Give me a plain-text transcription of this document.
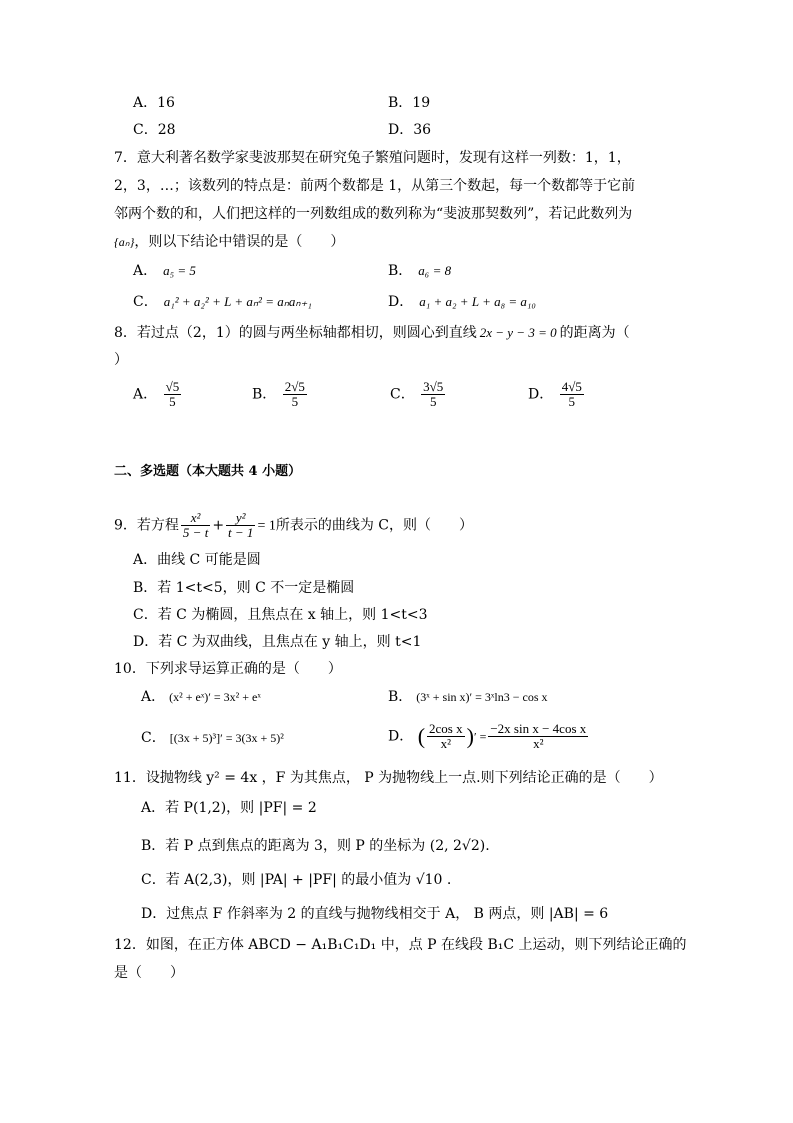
A．16	B．19
C．28	D．36
7．意大利著名数学家斐波那契在研究兔子繁殖问题时，发现有这样一列数：1，1，
2，3，…；该数列的特点是：前两个数都是 1，从第三个数起，每一个数都等于它前
邻两个数的和，人们把这样的一列数组成的数列称为“斐波那契数列”，若记此数列为
{aₙ}，则以下结论中错误的是（　　）
A． a₅ = 5	B． a₆ = 8
C． a₁² + a₂² + L + aₙ² = aₙaₙ₊₁	D． a₁ + a₂ + L + a₈ = a₁₀
8．若过点（2，1）的圆与两坐标轴都相切，则圆心到直线 2x − y − 3 = 0 的距离为（
）
A． $\frac{√5}{5}$	B． $\frac{2√5}{5}$	C． $\frac{3√5}{5}$	D． $\frac{4√5}{5}$
二、多选题（本大题共 4 小题）
9．若方程 $\frac{\text{x²}}{5 - t} + \frac{\text{y²}}{t - 1} = 1$所表示的曲线为 C，则（　　）
A．曲线 C 可能是圆
B．若 1<t<5，则 C 不一定是椭圆
C．若 C 为椭圆，且焦点在 x 轴上，则 1<t<3
D．若 C 为双曲线，且焦点在 y 轴上，则 t<1
10．下列求导运算正确的是（　　）
A． (x² + eˣ)′ = 3x² + eˣ	B． (3ˣ + sin x)′ = 3ˣln3 − cos x
C． [(3x + 5)³]′ = 3(3x + 5)²	D． ( $\frac{\text{2cos x}}{\text{x²}}$ )′ = $\frac{\text{−2x sin x − 4cos x}}{\text{x²}}$
11．设抛物线 y² = 4x ，F 为其焦点， P 为抛物线上一点.则下列结论正确的是（　　）
A．若 P(1,2)，则 |PF| = 2
B．若 P 点到焦点的距离为 3，则 P 的坐标为 (2, 2√2).
C．若 A(2,3)，则 |PA| + |PF| 的最小值为 √10 .
D．过焦点 F 作斜率为 2 的直线与抛物线相交于 A， B 两点，则 |AB| = 6
12．如图，在正方体 ABCD − A₁B₁C₁D₁ 中，点 P 在线段 B₁C 上运动，则下列结论正确的
是（　　）
